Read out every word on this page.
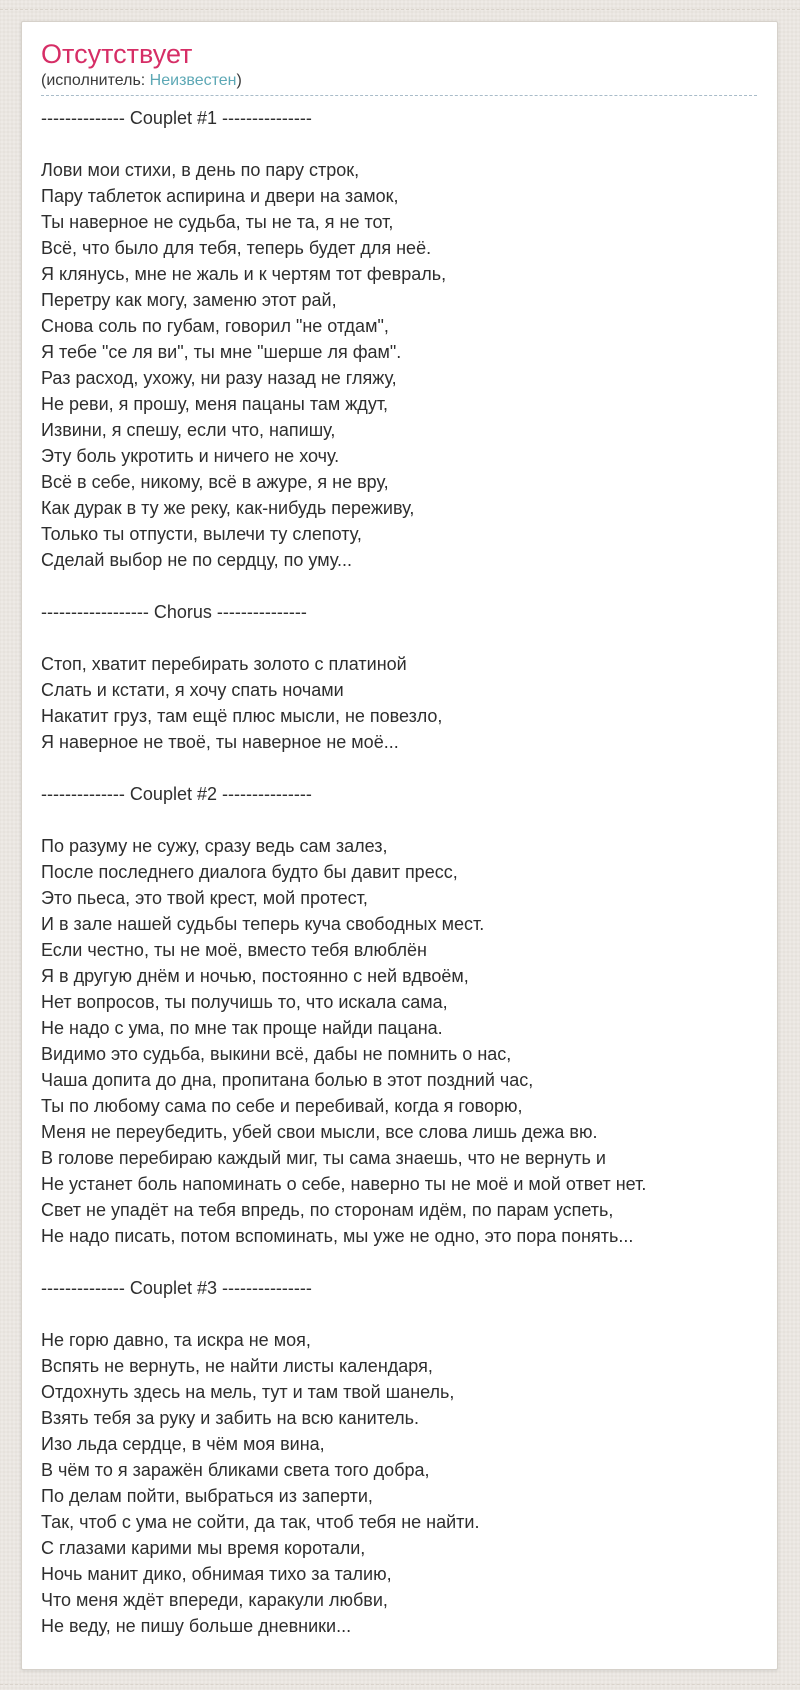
Отсутствует
(исполнитель: Неизвестен)
-------------- Couplet #1 ---------------

Лови мои стихи, в день по пару строк,
Пару таблеток аспирина и двери на замок,
Ты наверное не судьба, ты не та, я не тот,
Всё, что было для тебя, теперь будет для неё.
Я клянусь, мне не жаль и к чертям тот февраль,
Перетру как могу, заменю этот рай,
Снова соль по губам, говорил "не отдам",
Я тебе "се ля ви", ты мне "шерше ля фам".
Раз расход, ухожу, ни разу назад не гляжу,
Не реви, я прошу, меня пацаны там ждут,
Извини, я спешу, если что, напишу,
Эту боль укротить и ничего не хочу.
Всё в себе, никому, всё в ажуре, я не вру,
Как дурак в ту же реку, как-нибудь переживу,
Только ты отпусти, вылечи ту слепоту,
Сделай выбор не по сердцу, по уму...

------------------ Chorus ---------------

Стоп, хватит перебирать золото с платиной
Слать и кстати, я хочу спать ночами
Накатит груз, там ещё плюс мысли, не повезло,
Я наверное не твоё, ты наверное не моё...

-------------- Couplet #2 ---------------

По разуму не сужу, сразу ведь сам залез,
После последнего диалога будто бы давит пресс,
Это пьеса, это твой крест, мой протест,
И в зале нашей судьбы теперь куча свободных мест.
Если честно, ты не моё, вместо тебя влюблён
Я в другую днём и ночью, постоянно с ней вдвоём,
Нет вопросов, ты получишь то, что искала сама,
Не надо с ума, по мне так проще найди пацана.
Видимо это судьба, выкини всё, дабы не помнить о нас,
Чаша допита до дна, пропитана болью в этот поздний час,
Ты по любому сама по себе и перебивай, когда я говорю,
Меня не переубедить, убей свои мысли, все слова лишь дежа вю.
В голове перебираю каждый миг, ты сама знаешь, что не вернуть и
Не устанет боль напоминать о себе, наверно ты не моё и мой ответ нет.
Свет не упадёт на тебя впредь, по сторонам идём, по парам успеть,
Не надо писать, потом вспоминать, мы уже не одно, это пора понять...

-------------- Couplet #3 ---------------

Не горю давно, та искра не моя,
Вспять не вернуть, не найти листы календаря,
Отдохнуть здесь на мель, тут и там твой шанель,
Взять тебя за руку и забить на всю канитель.
Изо льда сердце, в чём моя вина,
В чём то я заражён бликами света того добра,
По делам пойти, выбраться из заперти,
Так, чтоб с ума не сойти, да так, чтоб тебя не найти.
С глазами карими мы время коротали,
Ночь манит дико, обнимая тихо за талию,
Что меня ждёт впереди, каракули любви,
Не веду, не пишу больше дневники...
